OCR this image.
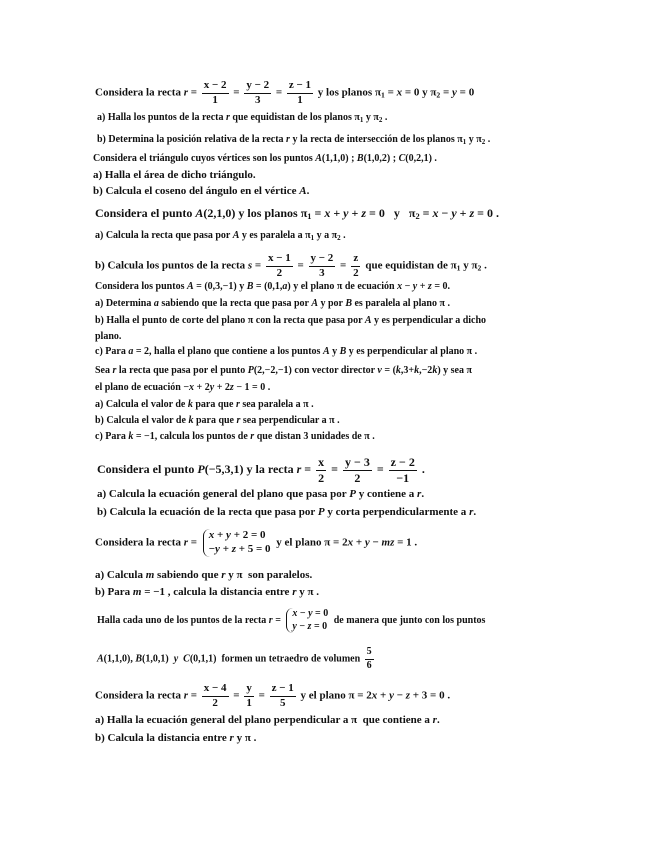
Considera la recta $r = \frac{x - 2}{1} = \frac{y - 2}{3} = \frac{z - 1}{1}$ y los planos $\pi_1 = x = 0$ y $\pi_2 = y = 0$
a) Halla los puntos de la recta r que equidistan de los planos $\pi_1$ y $\pi_2$ .
b) Determina la posición relativa de la recta r y la recta de intersección de los planos $\pi_1$ y $\pi_2$ .
Considera el triángulo cuyos vértices son los puntos A(1,1,0) ; B(1,0,2) ; C(0,2,1) .
a) Halla el área de dicho triángulo.
b) Calcula el coseno del ángulo en el vértice A.
Considera el punto A(2,1,0) y los planos $\pi_1 = x + y + z = 0$   y   $\pi_2 = x - y + z = 0$ .
a) Calcula la recta que pasa por A y es paralela a $\pi_1$ y a $\pi_2$ .
b) Calcula los puntos de la recta $s = \frac{x - 1}{2} = \frac{y - 2}{3} = \frac{z}{2}$ que equidistan de $\pi_1$ y $\pi_2$ .
Considera los puntos A = (0,3,−1) y B = (0,1,a) y el plano π de ecuación x − y + z = 0.
a) Determina a sabiendo que la recta que pasa por A y por B es paralela al plano π .
b) Halla el punto de corte del plano π con la recta que pasa por A y es perpendicular a dicho
plano.
c) Para a = 2, halla el plano que contiene a los puntos A y B y es perpendicular al plano π .
Sea r la recta que pasa por el punto P(2,−2,−1) con vector director v = (k,3+k,−2k) y sea π
el plano de ecuación −x + 2y + 2z − 1 = 0 .
a) Calcula el valor de k para que r sea paralela a π .
b) Calcula el valor de k para que r sea perpendicular a π .
c) Para k = −1, calcula los puntos de r que distan 3 unidades de π .
Considera el punto P(−5,3,1) y la recta $r = \frac{x}{2} = \frac{y - 3}{2} = \frac{z - 2}{-1}$ .
a) Calcula la ecuación general del plano que pasa por P y contiene a r.
b) Calcula la ecuación de la recta que pasa por P y corta perpendicularmente a r.
Considera la recta r =
x + y + 2 = 0
−y + z + 5 = 0
y el plano π = 2x + y − mz = 1 .
a) Calcula m sabiendo que r y π  son paralelos.
b) Para m = −1 , calcula la distancia entre r y π .
Halla cada uno de los puntos de la recta r =
x − y = 0
y − z = 0
de manera que junto con los puntos
A(1,1,0), B(1,0,1)  y C(0,1,1)  formen un tetraedro de volumen $\frac{5}{6}$
Considera la recta $r = \frac{x - 4}{2} = \frac{y}{1} = \frac{z - 1}{5}$ y el plano π = 2x + y − z + 3 = 0 .
a) Halla la ecuación general del plano perpendicular a π  que contiene a r.
b) Calcula la distancia entre r y π .
